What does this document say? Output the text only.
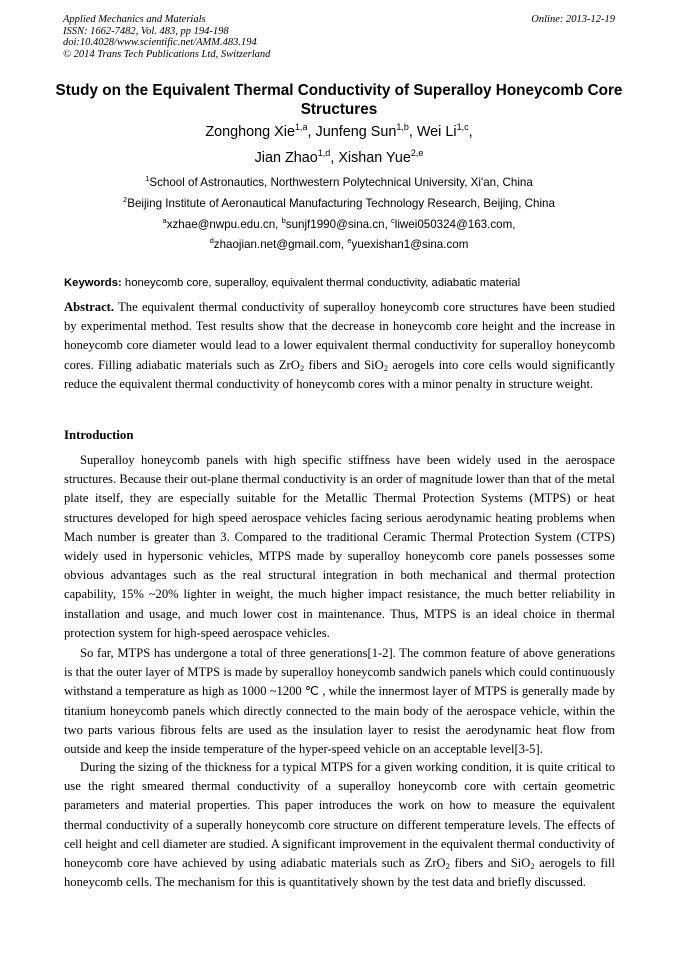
Applied Mechanics and Materials
ISSN: 1662-7482, Vol. 483, pp 194-198
doi:10.4028/www.scientific.net/AMM.483.194
© 2014 Trans Tech Publications Ltd, Switzerland
Online: 2013-12-19
Study on the Equivalent Thermal Conductivity of Superalloy Honeycomb Core Structures
Zonghong Xie$^{1,a}$, Junfeng Sun$^{1,b}$, Wei Li$^{1,c}$,
Jian Zhao$^{1,d}$, Xishan Yue$^{2,e}$
$^1$School of Astronautics, Northwestern Polytechnical University, Xi'an, China
$^2$Beijing Institute of Aeronautical Manufacturing Technology Research, Beijing, China
$^a$xzhae@nwpu.edu.cn, $^b$sunjf1990@sina.cn, $^c$liwei050324@163.com,
$^d$zhaojian.net@gmail.com, $^e$yuexishan1@sina.com
Keywords: honeycomb core, superalloy, equivalent thermal conductivity, adiabatic material
Abstract. The equivalent thermal conductivity of superalloy honeycomb core structures have been studied by experimental method. Test results show that the decrease in honeycomb core height and the increase in honeycomb core diameter would lead to a lower equivalent thermal conductivity for superalloy honeycomb cores. Filling adiabatic materials such as ZrO$_2$ fibers and SiO$_2$ aerogels into core cells would significantly reduce the equivalent thermal conductivity of honeycomb cores with a minor penalty in structure weight.
Introduction
Superalloy honeycomb panels with high specific stiffness have been widely used in the aerospace structures. Because their out-plane thermal conductivity is an order of magnitude lower than that of the metal plate itself, they are especially suitable for the Metallic Thermal Protection Systems (MTPS) or heat structures developed for high speed aerospace vehicles facing serious aerodynamic heating problems when Mach number is greater than 3. Compared to the traditional Ceramic Thermal Protection System (CTPS) widely used in hypersonic vehicles, MTPS made by superalloy honeycomb core panels possesses some obvious advantages such as the real structural integration in both mechanical and thermal protection capability, 15% ~20% lighter in weight, the much higher impact resistance, the much better reliability in installation and usage, and much lower cost in maintenance. Thus, MTPS is an ideal choice in thermal protection system for high-speed aerospace vehicles.
So far, MTPS has undergone a total of three generations[1-2]. The common feature of above generations is that the outer layer of MTPS is made by superalloy honeycomb sandwich panels which could continuously withstand a temperature as high as 1000 ~1200 ℃ , while the innermost layer of MTPS is generally made by titanium honeycomb panels which directly connected to the main body of the aerospace vehicle, within the two parts various fibrous felts are used as the insulation layer to resist the aerodynamic heat flow from outside and keep the inside temperature of the hyper-speed vehicle on an acceptable level[3-5].
During the sizing of the thickness for a typical MTPS for a given working condition, it is quite critical to use the right smeared thermal conductivity of a superalloy honeycomb core with certain geometric parameters and material properties. This paper introduces the work on how to measure the equivalent thermal conductivity of a superally honeycomb core structure on different temperature levels. The effects of cell height and cell diameter are studied. A significant improvement in the equivalent thermal conductivity of honeycomb core have achieved by using adiabatic materials such as ZrO$_2$ fibers and SiO$_2$ aerogels to fill honeycomb cells. The mechanism for this is quantitatively shown by the test data and briefly discussed.
